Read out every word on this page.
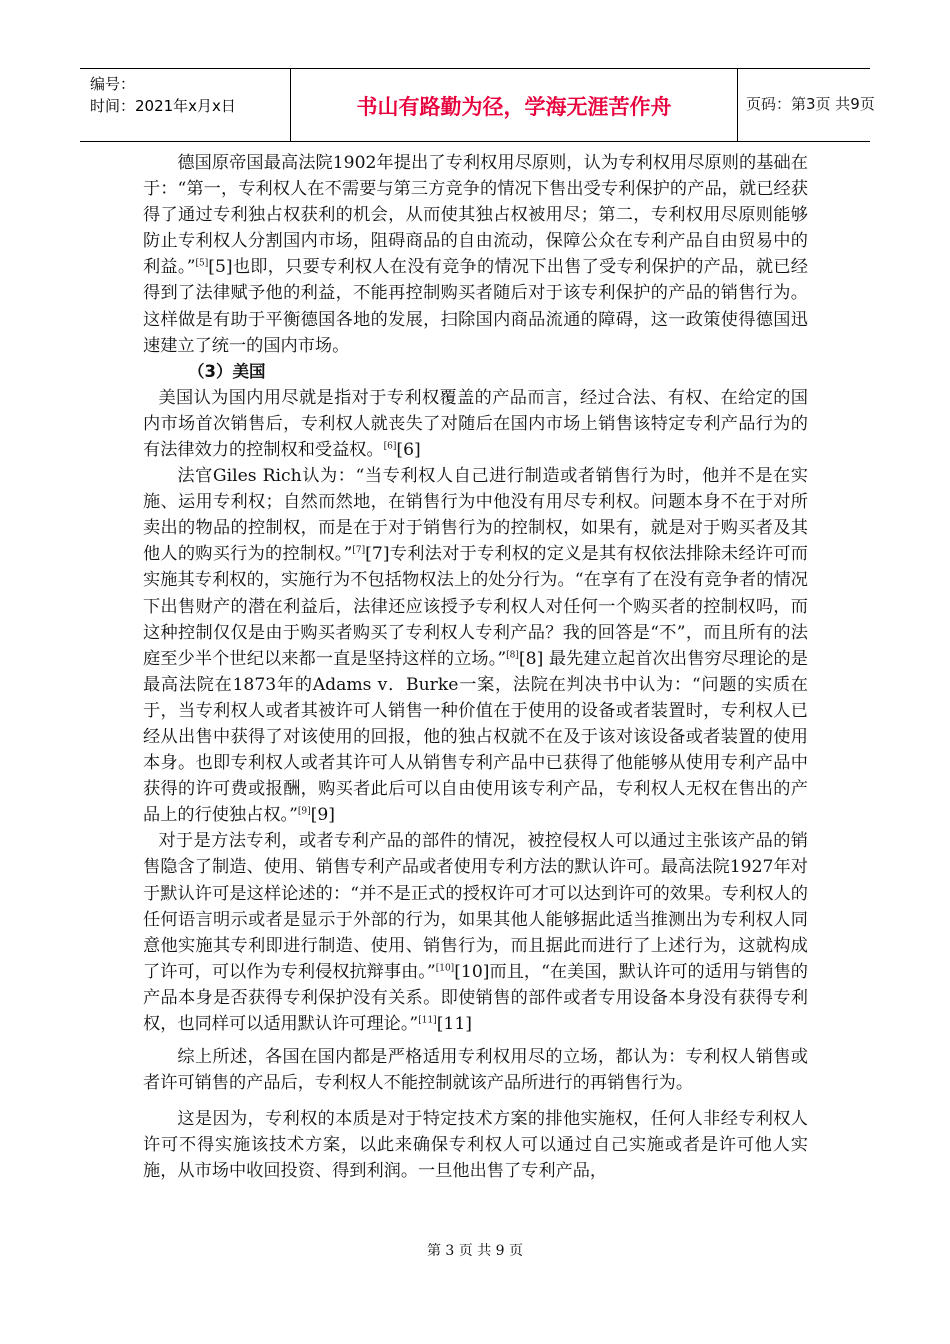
编号：
时间：2021年x月x日	书山有路勤为径，学海无涯苦作舟	页码：第3页 共9页

德国原帝国最高法院1902年提出了专利权用尽原则，认为专利权用尽原则的基础在于：“第一，专利权人在不需要与第三方竞争的情况下售出受专利保护的产品，就已经获得了通过专利独占权获利的机会，从而使其独占权被用尽；第二，专利权用尽原则能够防止专利权人分割国内市场，阻碍商品的自由流动，保障公众在专利产品自由贸易中的利益。”[5][5]也即，只要专利权人在没有竞争的情况下出售了受专利保护的产品，就已经得到了法律赋予他的利益，不能再控制购买者随后对于该专利保护的产品的销售行为。这样做是有助于平衡德国各地的发展，扫除国内商品流通的障碍，这一政策使得德国迅速建立了统一的国内市场。

（3）美国

美国认为国内用尽就是指对于专利权覆盖的产品而言，经过合法、有权、在给定的国内市场首次销售后，专利权人就丧失了对随后在国内市场上销售该特定专利产品行为的有法律效力的控制权和受益权。[6][6]

法官Giles Rich认为：“当专利权人自己进行制造或者销售行为时，他并不是在实施、运用专利权；自然而然地，在销售行为中他没有用尽专利权。问题本身不在于对所卖出的物品的控制权，而是在于对于销售行为的控制权，如果有，就是对于购买者及其他人的购买行为的控制权。”[7][7]专利法对于专利权的定义是其有权依法排除未经许可而实施其专利权的，实施行为不包括物权法上的处分行为。“在享有了在没有竞争者的情况下出售财产的潜在利益后，法律还应该授予专利权人对任何一个购买者的控制权吗，而这种控制仅仅是由于购买者购买了专利权人专利产品？我的回答是“不”，而且所有的法庭至少半个世纪以来都一直是坚持这样的立场。”[8][8] 最先建立起首次出售穷尽理论的是最高法院在1873年的Adams v．Burke一案，法院在判决书中认为：“问题的实质在于，当专利权人或者其被许可人销售一种价值在于使用的设备或者装置时，专利权人已经从出售中获得了对该使用的回报，他的独占权就不在及于该对该设备或者装置的使用本身。也即专利权人或者其许可人从销售专利产品中已获得了他能够从使用专利产品中获得的许可费或报酬，购买者此后可以自由使用该专利产品，专利权人无权在售出的产品上的行使独占权。”[9][9]

对于是方法专利，或者专利产品的部件的情况，被控侵权人可以通过主张该产品的销售隐含了制造、使用、销售专利产品或者使用专利方法的默认许可。最高法院1927年对于默认许可是这样论述的：“并不是正式的授权许可才可以达到许可的效果。专利权人的任何语言明示或者是显示于外部的行为，如果其他人能够据此适当推测出为专利权人同意他实施其专利即进行制造、使用、销售行为，而且据此而进行了上述行为，这就构成了许可，可以作为专利侵权抗辩事由。”[10][10]而且，“在美国，默认许可的适用与销售的产品本身是否获得专利保护没有关系。即使销售的部件或者专用设备本身没有获得专利权，也同样可以适用默认许可理论。”[11][11]

综上所述，各国在国内都是严格适用专利权用尽的立场，都认为：专利权人销售或者许可销售的产品后，专利权人不能控制就该产品所进行的再销售行为。

这是因为，专利权的本质是对于特定技术方案的排他实施权，任何人非经专利权人许可不得实施该技术方案，以此来确保专利权人可以通过自己实施或者是许可他人实施，从市场中收回投资、得到利润。一旦他出售了专利产品，

第 3 页 共 9 页
